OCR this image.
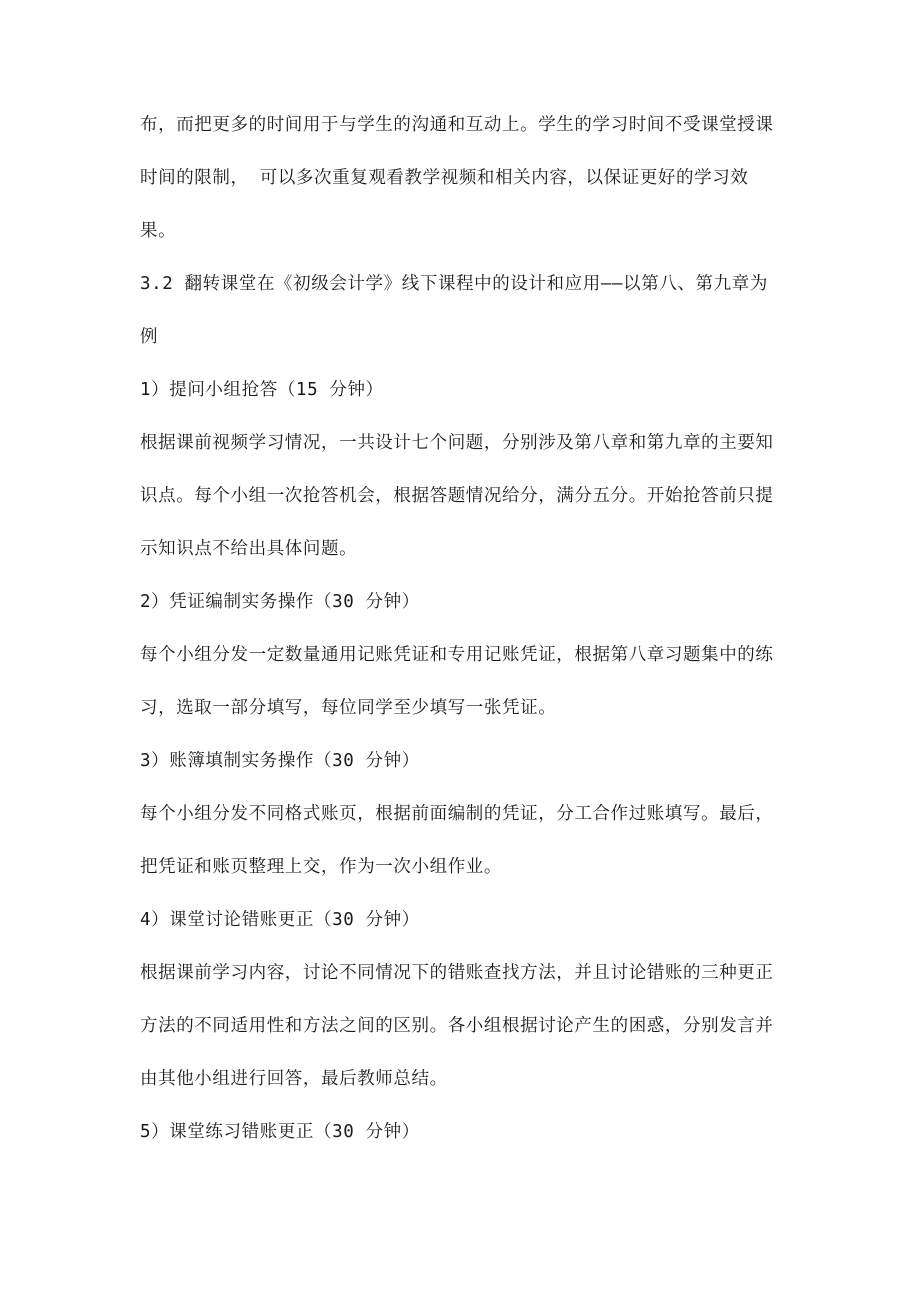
布，而把更多的时间用于与学生的沟通和互动上。学生的学习时间不受课堂授课时间的限制， 可以多次重复观看教学视频和相关内容，以保证更好的学习效果。

3.2 翻转课堂在《初级会计学》线下课程中的设计和应用——以第八、第九章为例

1）提问小组抢答（15 分钟）

根据课前视频学习情况，一共设计七个问题，分别涉及第八章和第九章的主要知识点。每个小组一次抢答机会，根据答题情况给分，满分五分。开始抢答前只提示知识点不给出具体问题。

2）凭证编制实务操作（30 分钟）

每个小组分发一定数量通用记账凭证和专用记账凭证，根据第八章习题集中的练习，选取一部分填写，每位同学至少填写一张凭证。

3）账簿填制实务操作（30 分钟）

每个小组分发不同格式账页，根据前面编制的凭证，分工合作过账填写。最后，把凭证和账页整理上交，作为一次小组作业。

4）课堂讨论错账更正（30 分钟）

根据课前学习内容，讨论不同情况下的错账查找方法，并且讨论错账的三种更正方法的不同适用性和方法之间的区别。各小组根据讨论产生的困惑，分别发言并由其他小组进行回答，最后教师总结。

5）课堂练习错账更正（30 分钟）
